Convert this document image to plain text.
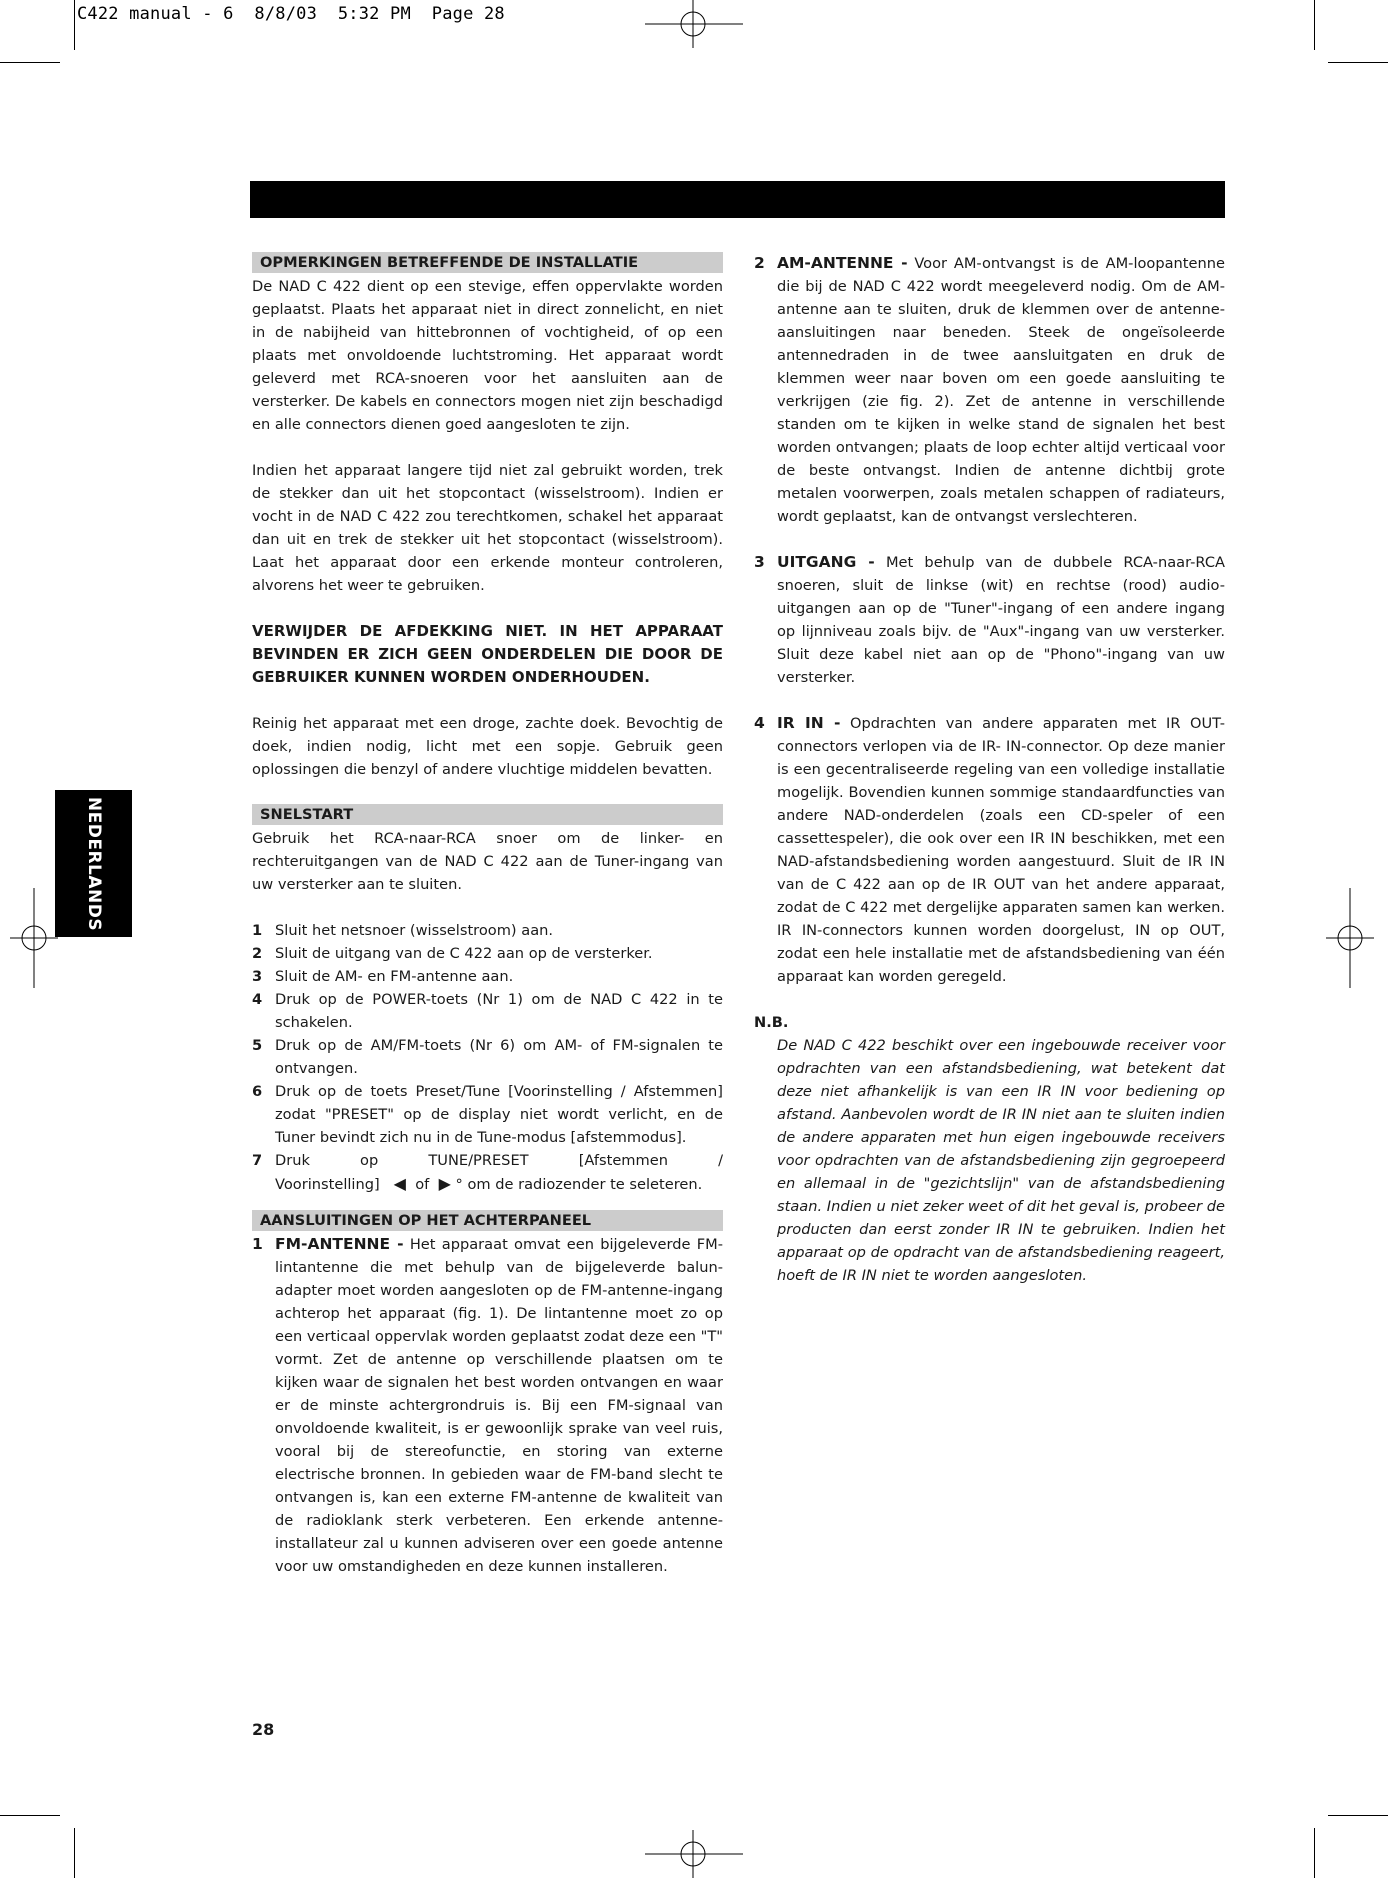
C422 manual - 6  8/8/03  5:32 PM  Page 28
NEDERLANDS
OPMERKINGEN BETREFFENDE DE INSTALLATIE

De NAD C 422 dient op een stevige, effen oppervlakte worden geplaatst. Plaats het apparaat niet in direct zonnelicht, en niet in de nabijheid van hittebronnen of vochtigheid, of op een plaats met onvoldoende luchtstroming. Het apparaat wordt geleverd met RCA-snoeren voor het aansluiten aan de versterker. De kabels en connectors mogen niet zijn beschadigd en alle connectors dienen goed aangesloten te zijn.

Indien het apparaat langere tijd niet zal gebruikt worden, trek de stekker dan uit het stopcontact (wisselstroom). Indien er vocht in de NAD C 422 zou terechtkomen, schakel het apparaat dan uit en trek de stekker uit het stopcontact (wisselstroom). Laat het apparaat door een erkende monteur controleren, alvorens het weer te gebruiken.

VERWIJDER DE AFDEKKING NIET. IN HET APPARAAT BEVINDEN ER ZICH GEEN ONDERDELEN DIE DOOR DE GEBRUIKER KUNNEN WORDEN ONDERHOUDEN.

Reinig het apparaat met een droge, zachte doek. Bevochtig de doek, indien nodig, licht met een sopje. Gebruik geen oplossingen die benzyl of andere vluchtige middelen bevatten.

SNELSTART

Gebruik het RCA-naar-RCA snoer om de linker- en rechteruitgangen van de NAD C 422 aan de Tuner-ingang van uw versterker aan te sluiten.

1 Sluit het netsnoer (wisselstroom) aan.
2 Sluit de uitgang van de C 422 aan op de versterker.
3 Sluit de AM- en FM-antenne aan.
4 Druk op de POWER-toets (Nr 1) om de NAD C 422 in te schakelen.
5 Druk op de AM/FM-toets (Nr 6) om AM- of FM-signalen te ontvangen.
6 Druk op de toets Preset/Tune [Voorinstelling / Afstemmen] zodat "PRESET" op de display niet wordt verlicht, en de Tuner bevindt zich nu in de Tune-modus [afstemmodus].
7 Druk op TUNE/PRESET [Afstemmen / Voorinstelling] ◀ of ▶ ° om de radiozender te seleteren.
AANSLUITINGEN OP HET ACHTERPANEEL
1 FM-ANTENNE - Het apparaat omvat een bijgeleverde FM-lintantenne die met behulp van de bijgeleverde balun-adapter moet worden aangesloten op de FM-antenne-ingang achterop het apparaat (fig. 1). De lintantenne moet zo op een verticaal oppervlak worden geplaatst zodat deze een "T" vormt. Zet de antenne op verschillende plaatsen om te kijken waar de signalen het best worden ontvangen en waar er de minste achtergrondruis is. Bij een FM-signaal van onvoldoende kwaliteit, is er gewoonlijk sprake van veel ruis, vooral bij de stereofunctie, en storing van externe electrische bronnen. In gebieden waar de FM-band slecht te ontvangen is, kan een externe FM-antenne de kwaliteit van de radioklank sterk verbeteren. Een erkende antenne-installateur zal u kunnen adviseren over een goede antenne voor uw omstandigheden en deze kunnen installeren.
2 AM-ANTENNE - Voor AM-ontvangst is de AM-loopantenne die bij de NAD C 422 wordt meegeleverd nodig. Om de AM-antenne aan te sluiten, druk de klemmen over de antenne-aansluitingen naar beneden. Steek de ongeïsoleerde antennedraden in de twee aansluitgaten en druk de klemmen weer naar boven om een goede aansluiting te verkrijgen (zie fig. 2). Zet de antenne in verschillende standen om te kijken in welke stand de signalen het best worden ontvangen; plaats de loop echter altijd verticaal voor de beste ontvangst. Indien de antenne dichtbij grote metalen voorwerpen, zoals metalen schappen of radiateurs, wordt geplaatst, kan de ontvangst verslechteren.
3 UITGANG - Met behulp van de dubbele RCA-naar-RCA snoeren, sluit de linkse (wit) en rechtse (rood) audio-uitgangen aan op de "Tuner"-ingang of een andere ingang op lijnniveau zoals bijv. de "Aux"-ingang van uw versterker. Sluit deze kabel niet aan op de "Phono"-ingang van uw versterker.
4 IR IN - Opdrachten van andere apparaten met IR OUT-connectors verlopen via de IR- IN-connector. Op deze manier is een gecentraliseerde regeling van een volledige installatie mogelijk. Bovendien kunnen sommige standaardfuncties van andere NAD-onderdelen (zoals een CD-speler of een cassettespeler), die ook over een IR IN beschikken, met een NAD-afstandsbediening worden aangestuurd. Sluit de IR IN van de C 422 aan op de IR OUT van het andere apparaat, zodat de C 422 met dergelijke apparaten samen kan werken. IR IN-connectors kunnen worden doorgelust, IN op OUT, zodat een hele installatie met de afstandsbediening van één apparaat kan worden geregeld.
N.B.

De NAD C 422 beschikt over een ingebouwde receiver voor opdrachten van een afstandsbediening, wat betekent dat deze niet afhankelijk is van een IR IN voor bediening op afstand. Aanbevolen wordt de IR IN niet aan te sluiten indien de andere apparaten met hun eigen ingebouwde receivers voor opdrachten van de afstandsbediening zijn gegroepeerd en allemaal in de "gezichtslijn" van de afstandsbediening staan. Indien u niet zeker weet of dit het geval is, probeer de producten dan eerst zonder IR IN te gebruiken. Indien het apparaat op de opdracht van de afstandsbediening reageert, hoeft de IR IN niet te worden aangesloten.

28
